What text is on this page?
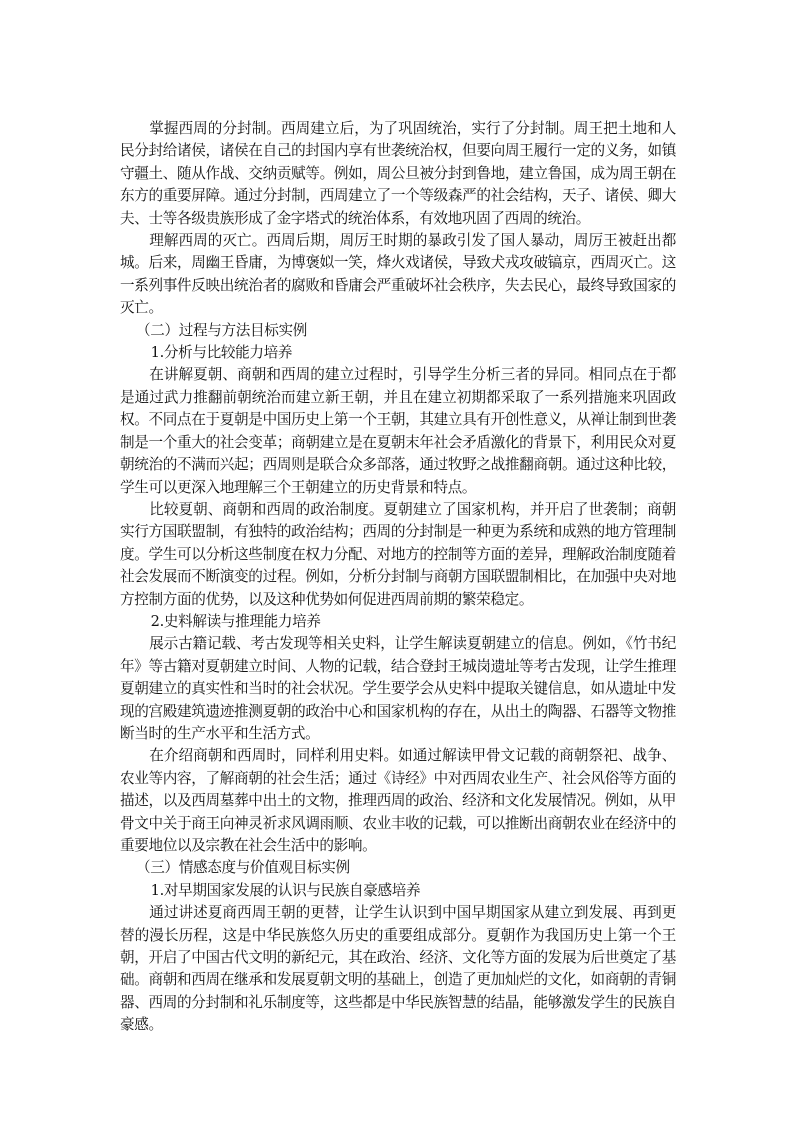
掌握西周的分封制。西周建立后，为了巩固统治，实行了分封制。周王把土地和人民分封给诸侯，诸侯在自己的封国内享有世袭统治权，但要向周王履行一定的义务，如镇守疆土、随从作战、交纳贡赋等。例如，周公旦被分封到鲁地，建立鲁国，成为周王朝在东方的重要屏障。通过分封制，西周建立了一个等级森严的社会结构，天子、诸侯、卿大夫、士等各级贵族形成了金字塔式的统治体系，有效地巩固了西周的统治。

理解西周的灭亡。西周后期，周厉王时期的暴政引发了国人暴动，周厉王被赶出都城。后来，周幽王昏庸，为博褒姒一笑，烽火戏诸侯，导致犬戎攻破镐京，西周灭亡。这一系列事件反映出统治者的腐败和昏庸会严重破坏社会秩序，失去民心，最终导致国家的灭亡。

（二）过程与方法目标实例

1.分析与比较能力培养

在讲解夏朝、商朝和西周的建立过程时，引导学生分析三者的异同。相同点在于都是通过武力推翻前朝统治而建立新王朝，并且在建立初期都采取了一系列措施来巩固政权。不同点在于夏朝是中国历史上第一个王朝，其建立具有开创性意义，从禅让制到世袭制是一个重大的社会变革；商朝建立是在夏朝末年社会矛盾激化的背景下，利用民众对夏朝统治的不满而兴起；西周则是联合众多部落，通过牧野之战推翻商朝。通过这种比较，学生可以更深入地理解三个王朝建立的历史背景和特点。

比较夏朝、商朝和西周的政治制度。夏朝建立了国家机构，并开启了世袭制；商朝实行方国联盟制，有独特的政治结构；西周的分封制是一种更为系统和成熟的地方管理制度。学生可以分析这些制度在权力分配、对地方的控制等方面的差异，理解政治制度随着社会发展而不断演变的过程。例如，分析分封制与商朝方国联盟制相比，在加强中央对地方控制方面的优势，以及这种优势如何促进西周前期的繁荣稳定。

2.史料解读与推理能力培养

展示古籍记载、考古发现等相关史料，让学生解读夏朝建立的信息。例如，《竹书纪年》等古籍对夏朝建立时间、人物的记载，结合登封王城岗遗址等考古发现，让学生推理夏朝建立的真实性和当时的社会状况。学生要学会从史料中提取关键信息，如从遗址中发现的宫殿建筑遗迹推测夏朝的政治中心和国家机构的存在，从出土的陶器、石器等文物推断当时的生产水平和生活方式。

在介绍商朝和西周时，同样利用史料。如通过解读甲骨文记载的商朝祭祀、战争、农业等内容，了解商朝的社会生活；通过《诗经》中对西周农业生产、社会风俗等方面的描述，以及西周墓葬中出土的文物，推理西周的政治、经济和文化发展情况。例如，从甲骨文中关于商王向神灵祈求风调雨顺、农业丰收的记载，可以推断出商朝农业在经济中的重要地位以及宗教在社会生活中的影响。

（三）情感态度与价值观目标实例

1.对早期国家发展的认识与民族自豪感培养

通过讲述夏商西周王朝的更替，让学生认识到中国早期国家从建立到发展、再到更替的漫长历程，这是中华民族悠久历史的重要组成部分。夏朝作为我国历史上第一个王朝，开启了中国古代文明的新纪元，其在政治、经济、文化等方面的发展为后世奠定了基础。商朝和西周在继承和发展夏朝文明的基础上，创造了更加灿烂的文化，如商朝的青铜器、西周的分封制和礼乐制度等，这些都是中华民族智慧的结晶，能够激发学生的民族自豪感。
